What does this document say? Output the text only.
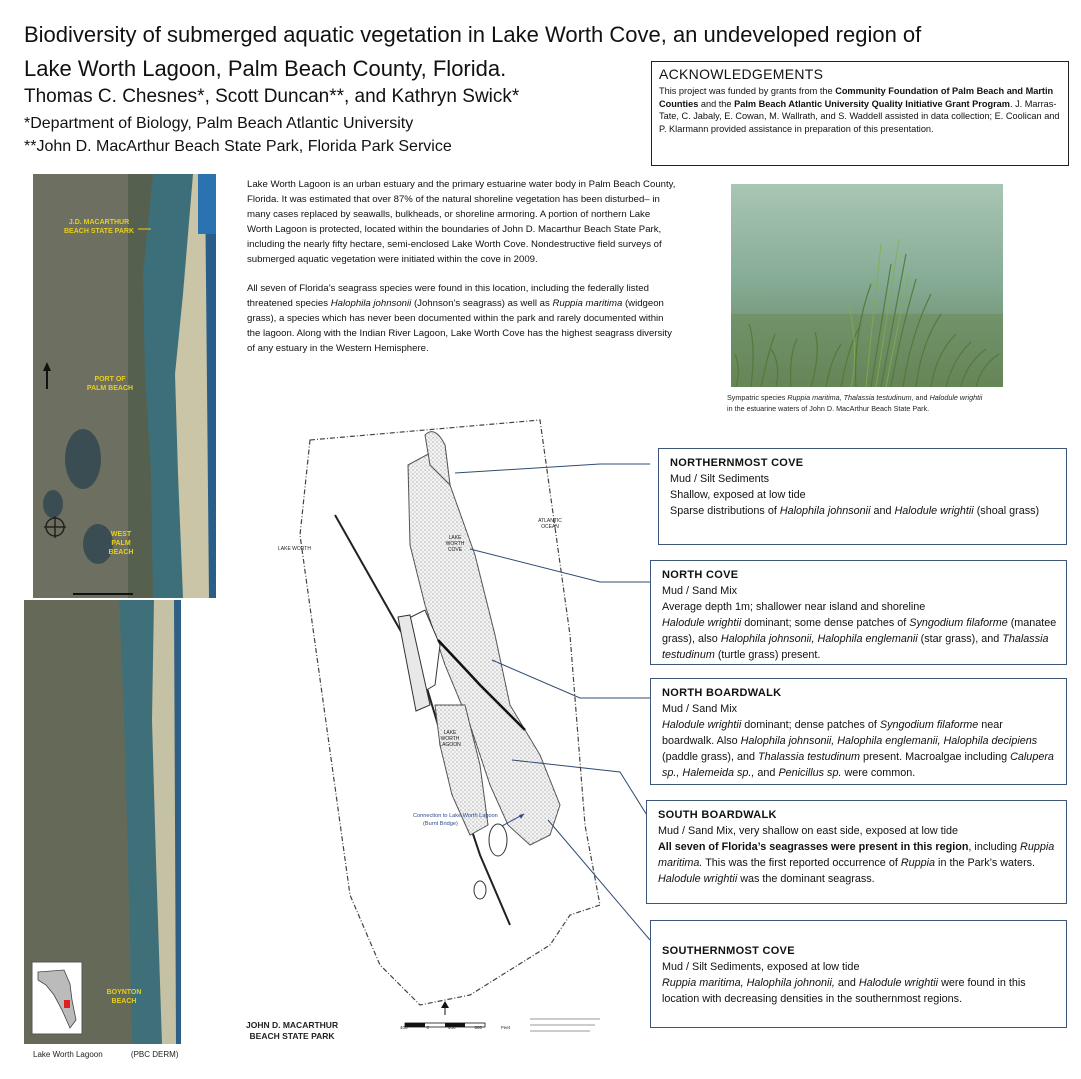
Biodiversity of submerged aquatic vegetation in Lake Worth Cove, an undeveloped region of
Lake Worth Lagoon, Palm Beach County, Florida.
Thomas C. Chesnes*, Scott Duncan**, and Kathryn Swick*
*Department of Biology, Palm Beach Atlantic University
**John D. MacArthur Beach State Park, Florida Park Service
ACKNOWLEDGEMENTS

This project was funded by grants from the Community Foundation of Palm Beach and Martin Counties and the Palm Beach Atlantic University Quality Initiative Grant Program. J. Marras-Tate, C. Jabaly, E. Cowan, M. Wallrath, and S. Waddell assisted in data collection; E. Coolican and P. Klarmann provided assistance in preparation of this presentation.

Lake Worth Lagoon is an urban estuary and the primary estuarine water body in Palm Beach County, Florida. It was estimated that over 87% of the natural shoreline vegetation has been disturbed– in many cases replaced by seawalls, bulkheads, or shoreline armoring. A portion of northern Lake Worth Lagoon is protected, located within the boundaries of John D. Macarthur Beach State Park, including the nearly fifty hectare, semi-enclosed Lake Worth Cove. Nondestructive field surveys of submerged aquatic vegetation were initiated within the cove in 2009.

All seven of Florida’s seagrass species were found in this location, including the federally listed threatened species Halophila johnsonii (Johnson’s seagrass) as well as Ruppia maritima (widgeon grass), a species which has never been documented within the park and rarely documented within the lagoon. Along with the Indian River Lagoon, Lake Worth Cove has the highest seagrass diversity of any estuary in the Western Hemisphere.

Sympatric species Ruppia maritima, Thalassia testudinum, and Halodule wrightii
in the estuarine waters of John D. MacArthur Beach State Park.
J.D. MACARTHUR BEACH STATE PARK
PORT OF PALM BEACH
WEST PALM BEACH
BOYNTON BEACH
Lake Worth Lagoon	(PBC DERM)
LAKE WORTH
ATLANTIC OCEAN
LAKE WORTH COVE
LAKE WORTH LAGOON
Connection to Lake Worth Lagoon
(Burnt Bridge)
JOHN D. MACARTHUR
BEACH STATE PARK
400	0	400	800	Feet
NORTHERNMOST COVE

Mud / Silt Sediments

Shallow, exposed at low tide

Sparse distributions of Halophila johnsonii and Halodule wrightii (shoal grass)

NORTH COVE

Mud / Sand Mix

Average depth 1m; shallower near island and shoreline

Halodule wrightii dominant; some dense patches of Syngodium filaforme (manatee grass), also Halophila johnsonii, Halophila englemanii (star grass), and Thalassia testudinum (turtle grass) present.

NORTH BOARDWALK

Mud / Sand Mix

Halodule wrightii dominant; dense patches of Syngodium filaforme near boardwalk. Also Halophila johnsonii, Halophila englemanii, Halophila decipiens (paddle grass), and Thalassia testudinum present. Macroalgae including Calupera sp., Halemeida sp., and Penicillus sp. were common.

SOUTH BOARDWALK

Mud / Sand Mix, very shallow on east side, exposed at low tide

All seven of Florida’s seagrasses were present in this region, including Ruppia maritima. This was the first reported occurrence of Ruppia in the Park’s waters. Halodule wrightii was the dominant seagrass.

SOUTHERNMOST COVE

Mud / Silt Sediments, exposed at low tide

Ruppia maritima, Halophila johnonii, and Halodule wrightii were found in this location with decreasing densities in the southernmost regions.
